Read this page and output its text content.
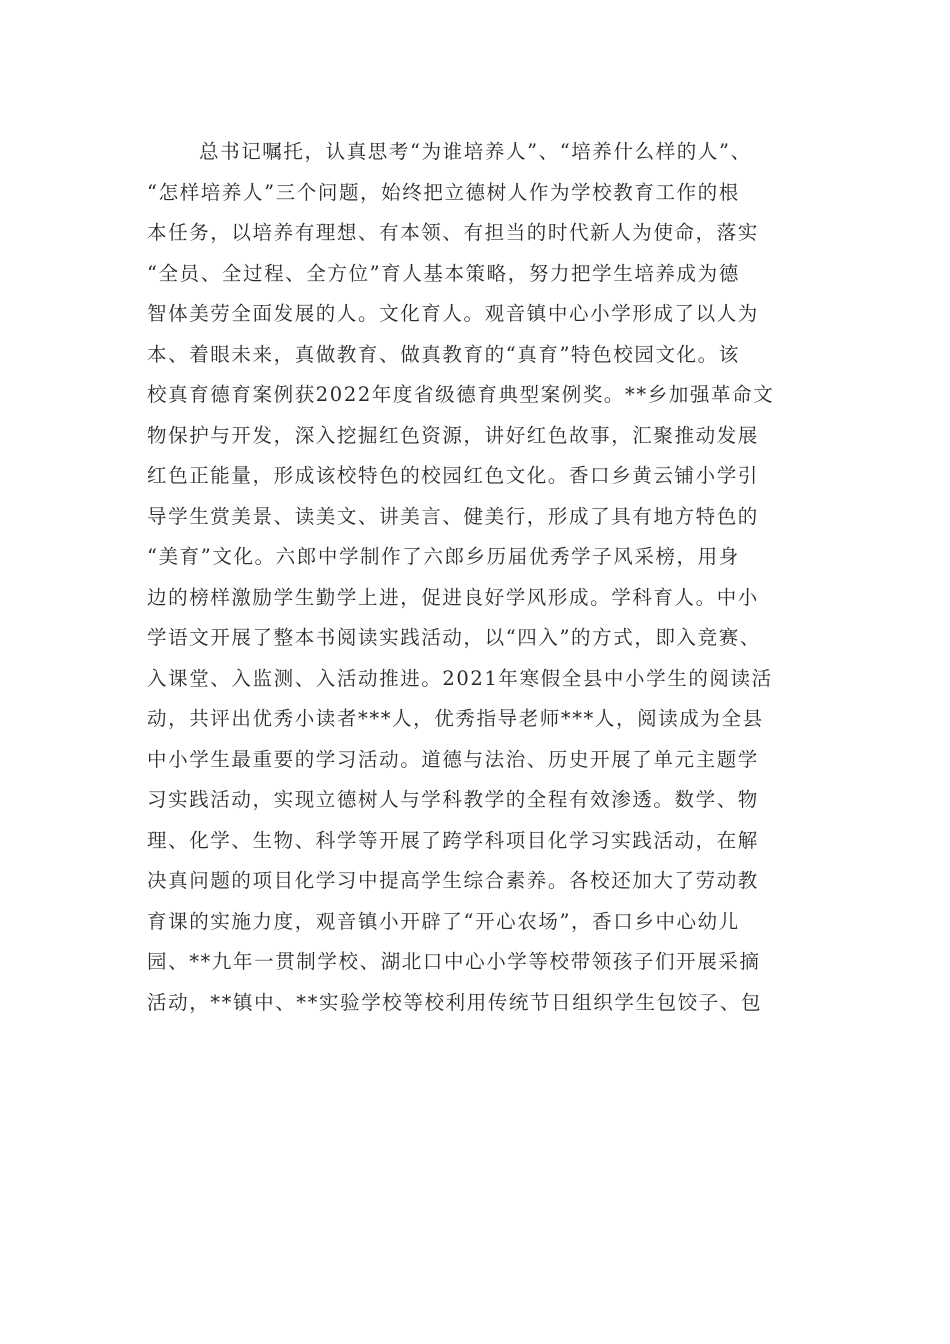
总书记嘱托，认真思考“为谁培养人”、“培养什么样的人”、
“怎样培养人”三个问题，始终把立德树人作为学校教育工作的根
本任务，以培养有理想、有本领、有担当的时代新人为使命，落实
“全员、全过程、全方位”育人基本策略，努力把学生培养成为德
智体美劳全面发展的人。文化育人。观音镇中心小学形成了以人为
本、着眼未来，真做教育、做真教育的“真育”特色校园文化。该
校真育德育案例获2022年度省级德育典型案例奖。**乡加强革命文
物保护与开发，深入挖掘红色资源，讲好红色故事，汇聚推动发展
红色正能量，形成该校特色的校园红色文化。香口乡黄云铺小学引
导学生赏美景、读美文、讲美言、健美行，形成了具有地方特色的
“美育”文化。六郎中学制作了六郎乡历届优秀学子风采榜，用身
边的榜样激励学生勤学上进，促进良好学风形成。学科育人。中小
学语文开展了整本书阅读实践活动，以“四入”的方式，即入竞赛、
入课堂、入监测、入活动推进。2021年寒假全县中小学生的阅读活
动，共评出优秀小读者***人，优秀指导老师***人，阅读成为全县
中小学生最重要的学习活动。道德与法治、历史开展了单元主题学
习实践活动，实现立德树人与学科教学的全程有效渗透。数学、物
理、化学、生物、科学等开展了跨学科项目化学习实践活动，在解
决真问题的项目化学习中提高学生综合素养。各校还加大了劳动教
育课的实施力度，观音镇小开辟了“开心农场”，香口乡中心幼儿
园、**九年一贯制学校、湖北口中心小学等校带领孩子们开展采摘
活动，**镇中、**实验学校等校利用传统节日组织学生包饺子、包
